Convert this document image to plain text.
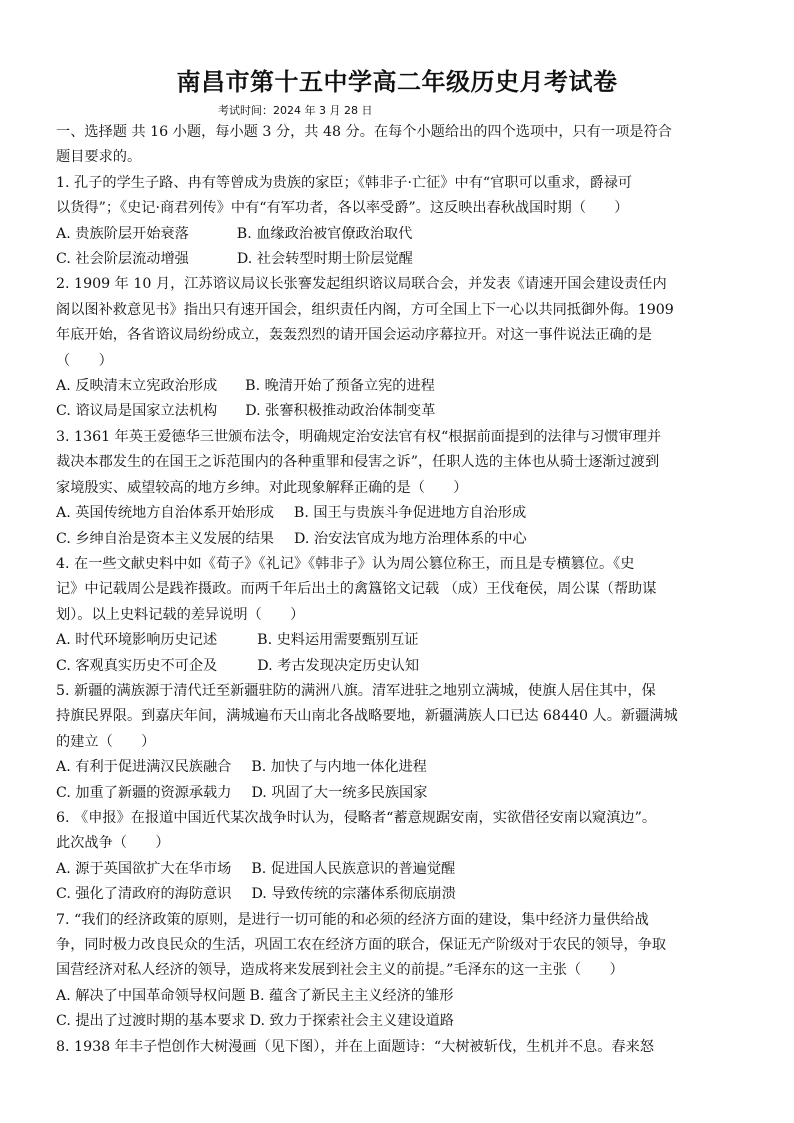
南昌市第十五中学高二年级历史月考试卷
考试时间：2024 年 3 月 28 日

一、选择题 共 16 小题，每小题 3 分，共 48 分。在每个小题给出的四个选项中，只有一项是符合

题目要求的。

1. 孔子的学生子路、冉有等曾成为贵族的家臣；《韩非子·亡征》中有“官职可以重求，爵禄可

以货得”；《史记·商君列传》中有“有军功者，各以率受爵”。这反映出春秋战国时期（　　）

A. 贵族阶层开始衰落	B. 血缘政治被官僚政治取代

C. 社会阶层流动增强	D. 社会转型时期士阶层觉醒

2. 1909 年 10 月，江苏谘议局议长张謇发起组织谘议局联合会，并发表《请速开国会建设责任内

阁以图补救意见书》指出只有速开国会，组织责任内阁，方可全国上下一心以共同抵御外侮。1909

年底开始，各省谘议局纷纷成立，轰轰烈烈的请开国会运动序幕拉开。对这一事件说法正确的是

（　　）

A. 反映清末立宪政治形成 B. 晚清开始了预备立宪的进程

C. 谘议局是国家立法机构 D. 张謇积极推动政治体制变革

3. 1361 年英王爱德华三世颁布法令，明确规定治安法官有权“根据前面提到的法律与习惯审理并

裁决本郡发生的在国王之诉范围内的各种重罪和侵害之诉”，任职人选的主体也从骑士逐渐过渡到

家境殷实、威望较高的地方乡绅。对此现象解释正确的是（　　）

A. 英国传统地方自治体系开始形成 B. 国王与贵族斗争促进地方自治形成

C. 乡绅自治是资本主义发展的结果 D. 治安法官成为地方治理体系的中心

4. 在一些文献史料中如《荀子》《礼记》《韩非子》认为周公篡位称王，而且是专横篡位。《史

记》中记载周公是践祚摄政。而两千年后出土的禽簋铭文记载 （成）王伐奄侯，周公谋（帮助谋

划）。以上史料记载的差异说明（　　）

A. 时代环境影响历史记述	B. 史料运用需要甄别互证

C. 客观真实历史不可企及	D. 考古发现决定历史认知

5. 新疆的满族源于清代迁至新疆驻防的满洲八旗。清军进驻之地别立满城，使旗人居住其中，保

持旗民界限。到嘉庆年间，满城遍布天山南北各战略要地，新疆满族人口已达 68440 人。新疆满城

的建立（　　）

A. 有利于促进满汉民族融合 B. 加快了与内地一体化进程

C. 加重了新疆的资源承载力 D. 巩固了大一统多民族国家

6. 《申报》在报道中国近代某次战争时认为，侵略者“蓄意规踞安南，实欲借径安南以窥滇边”。

此次战争（　　）

A. 源于英国欲扩大在华市场 B. 促进国人民族意识的普遍觉醒

C. 强化了清政府的海防意识 D. 导致传统的宗藩体系彻底崩溃

7. “我们的经济政策的原则，是进行一切可能的和必须的经济方面的建设，集中经济力量供给战

争，同时极力改良民众的生活，巩固工农在经济方面的联合，保证无产阶级对于农民的领导，争取

国营经济对私人经济的领导，造成将来发展到社会主义的前提。”毛泽东的这一主张（　　）

A. 解决了中国革命领导权问题 B. 蕴含了新民主主义经济的雏形

C. 提出了过渡时期的基本要求 D. 致力于探索社会主义建设道路

8. 1938 年丰子恺创作大树漫画（见下图），并在上面题诗：“大树被斩伐，生机并不息。春来怒
